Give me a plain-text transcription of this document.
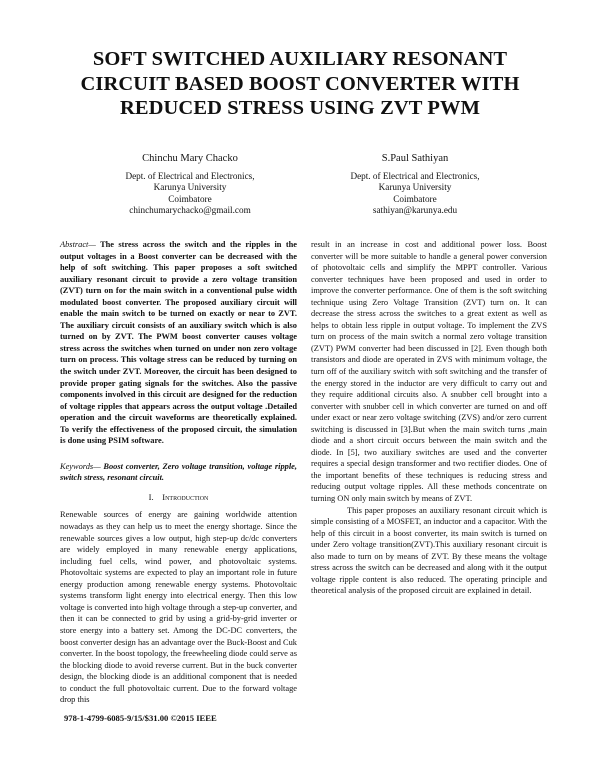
SOFT SWITCHED AUXILIARY RESONANT
CIRCUIT BASED BOOST CONVERTER WITH
REDUCED STRESS USING ZVT PWM
Chinchu Mary Chacko
Dept. of Electrical and Electronics,
Karunya University
Coimbatore
chinchumarychacko@gmail.com
S.Paul Sathiyan
Dept. of Electrical and Electronics,
Karunya University
Coimbatore
sathiyan@karunya.edu

Abstract— The stress across the switch and the ripples in the output voltages in a Boost converter can be decreased with the help of soft switching. This paper proposes a soft switched auxiliary resonant circuit to provide a zero voltage transition (ZVT) turn on for the main switch in a conventional pulse width modulated boost converter. The proposed auxiliary circuit will enable the main switch to be turned on exactly or near to ZVT. The auxiliary circuit consists of an auxiliary switch which is also turned on by ZVT. The PWM boost converter causes voltage stress across the switches when turned on under non zero voltage turn on process. This voltage stress can be reduced by turning on the switch under ZVT. Moreover, the circuit has been designed to provide proper gating signals for the switches. Also the passive components involved in this circuit are designed for the reduction of voltage ripples that appears across the output voltage .Detailed operation and the circuit waveforms are theoretically explained. To verify the effectiveness of the proposed circuit, the simulation is done using PSIM software.

Keywords— Boost converter, Zero voltage transition, voltage ripple, switch stress, resonant circuit.

I. Introduction

Renewable sources of energy are gaining worldwide attention nowadays as they can help us to meet the energy shortage. Since the renewable sources gives a low output, high step-up dc/dc converters are widely employed in many renewable energy applications, including fuel cells, wind power, and photovoltaic systems. Photovoltaic systems are expected to play an important role in future energy production among renewable energy systems. Photovoltaic systems transform light energy into electrical energy. Then this low voltage is converted into high voltage through a step-up converter, and then it can be connected to grid by using a grid-by-grid inverter or store energy into a battery set. Among the DC-DC converters, the boost converter design has an advantage over the Buck-Boost and Cuk converter. In the boost topology, the freewheeling diode could serve as the blocking diode to avoid reverse current. But in the buck converter design, the blocking diode is an additional component that is needed to conduct the full photovoltaic current. Due to the forward voltage drop this

result in an increase in cost and additional power loss. Boost converter will be more suitable to handle a general power conversion of photovoltaic cells and simplify the MPPT controller. Various converter techniques have been proposed and used in order to improve the converter performance. One of them is the soft switching technique using Zero Voltage Transition (ZVT) turn on. It can decrease the stress across the switches to a great extent as well as helps to obtain less ripple in output voltage. To implement the ZVS turn on process of the main switch a normal zero voltage transition (ZVT) PWM converter had been discussed in [2]. Even though both transistors and diode are operated in ZVS with minimum voltage, the turn off of the auxiliary switch with soft switching and the transfer of the energy stored in the inductor are very difficult to carry out and they require additional circuits also. A snubber cell brought into a converter with snubber cell in which converter are turned on and off under exact or near zero voltage switching (ZVS) and/or zero current switching is discussed in [3].But when the main switch turns ,main diode and a short circuit occurs between the main switch and the diode. In [5], two auxiliary switches are used and the converter requires a special design transformer and two rectifier diodes. One of the important benefits of these techniques is reducing stress and reducing output voltage ripples. All these methods concentrate on turning ON only main switch by means of ZVT.

This paper proposes an auxiliary resonant circuit which is simple consisting of a MOSFET, an inductor and a capacitor. With the help of this circuit in a boost converter, its main switch is turned on under Zero voltage transition(ZVT).This auxiliary resonant circuit is also made to turn on by means of ZVT. By these means the voltage stress across the switch can be decreased and along with it the output voltage ripple content is also reduced. The operating principle and theoretical analysis of the proposed circuit are explained in detail.

978-1-4799-6085-9/15/$31.00 ©2015 IEEE
